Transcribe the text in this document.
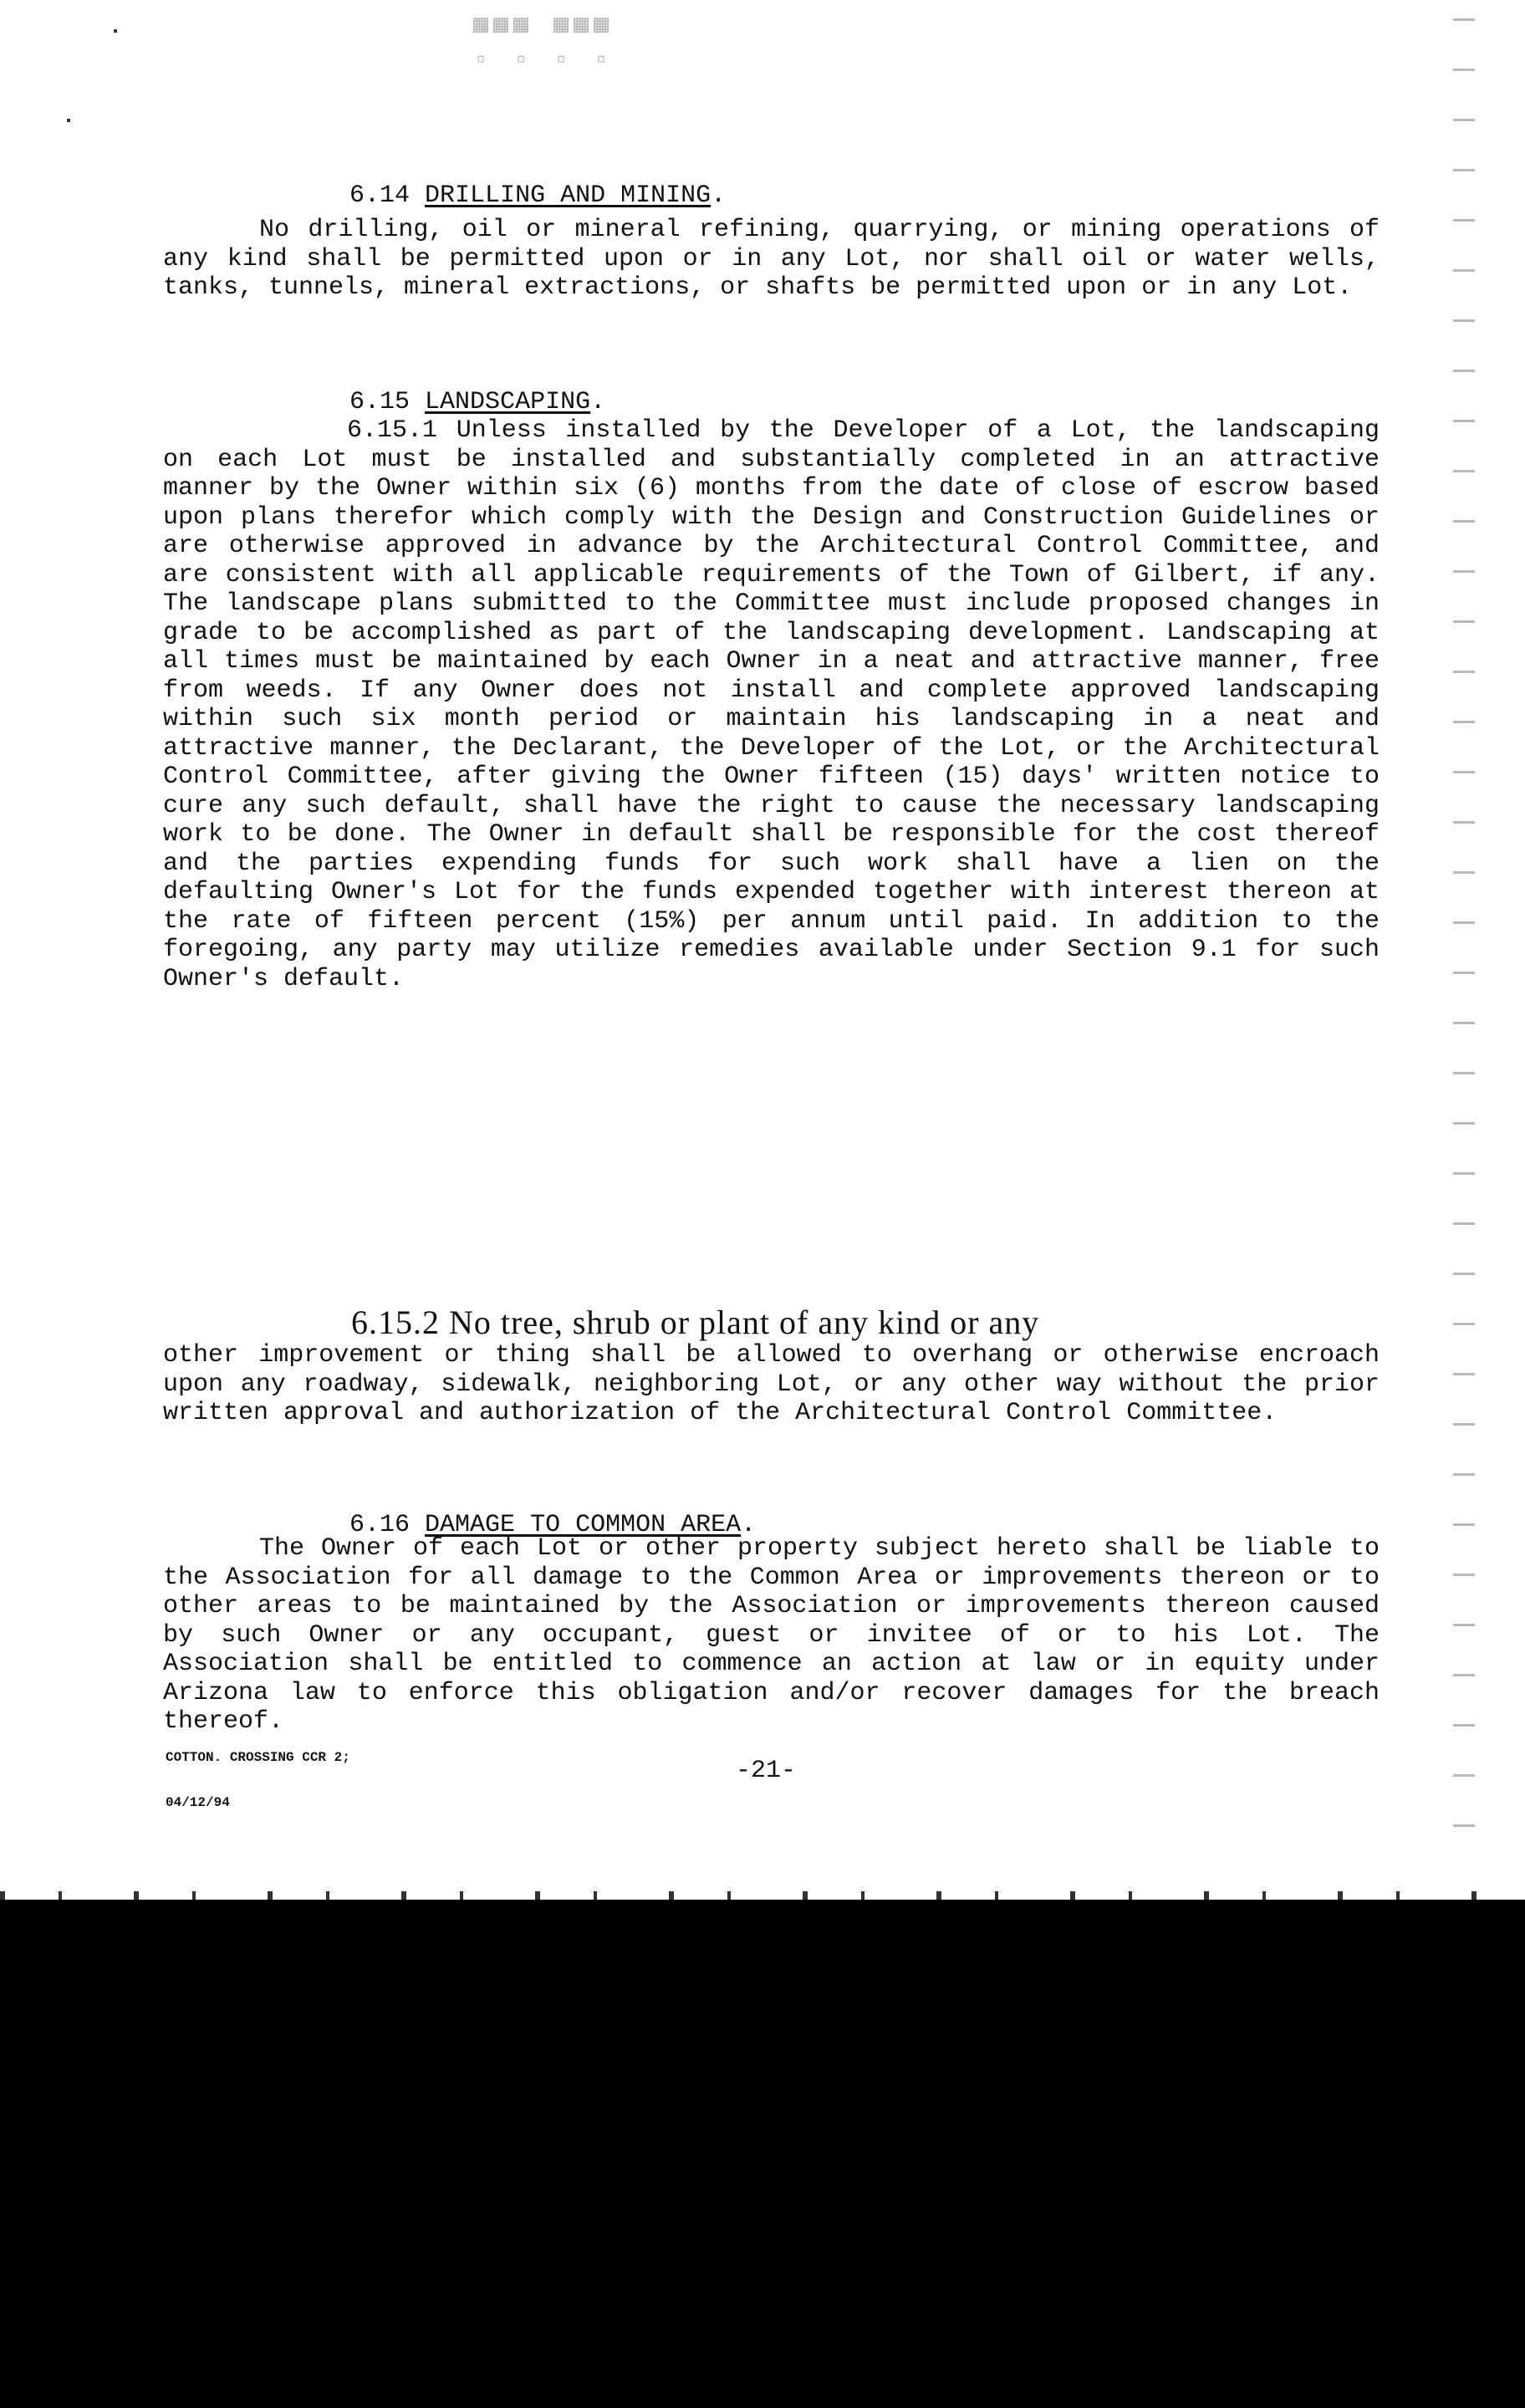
▦▦▦ ▦▦▦
▫ ▫ ▫ ▫

6.14 DRILLING AND MINING.

No drilling, oil or mineral refining, quarrying, or mining operations of any kind shall be permitted upon or in any Lot, nor shall oil or water wells, tanks, tunnels, mineral extractions, or shafts be permitted upon or in any Lot.

6.15 LANDSCAPING.

6.15.1 Unless installed by the Developer of a Lot, the landscaping on each Lot must be installed and substantially completed in an attractive manner by the Owner within six (6) months from the date of close of escrow based upon plans therefor which comply with the Design and Construction Guidelines or are otherwise approved in advance by the Architectural Control Committee, and are consistent with all applicable requirements of the Town of Gilbert, if any. The landscape plans submitted to the Committee must include proposed changes in grade to be accomplished as part of the landscaping development. Landscaping at all times must be maintained by each Owner in a neat and attractive manner, free from weeds. If any Owner does not install and complete approved landscaping within such six month period or maintain his landscaping in a neat and attractive manner, the Declarant, the Developer of the Lot, or the Architectural Control Committee, after giving the Owner fifteen (15) days' written notice to cure any such default, shall have the right to cause the necessary landscaping work to be done. The Owner in default shall be responsible for the cost thereof and the parties expending funds for such work shall have a lien on the defaulting Owner's Lot for the funds expended together with interest thereon at the rate of fifteen percent (15%) per annum until paid. In addition to the foregoing, any party may utilize remedies available under Section 9.1 for such Owner's default.

6.15.2 No tree, shrub or plant of any kind or any
other improvement or thing shall be allowed to overhang or otherwise encroach upon any roadway, sidewalk, neighboring Lot, or any other way without the prior written approval and authorization of the Architectural Control Committee.

6.16 DAMAGE TO COMMON AREA.

The Owner of each Lot or other property subject hereto shall be liable to the Association for all damage to the Common Area or improvements thereon or to other areas to be maintained by the Association or improvements thereon caused by such Owner or any occupant, guest or invitee of or to his Lot. The Association shall be entitled to commence an action at law or in equity under Arizona law to enforce this obligation and/or recover damages for the breach thereof.

COTTON. CROSSING CCR 2;

04/12/94

-21-
